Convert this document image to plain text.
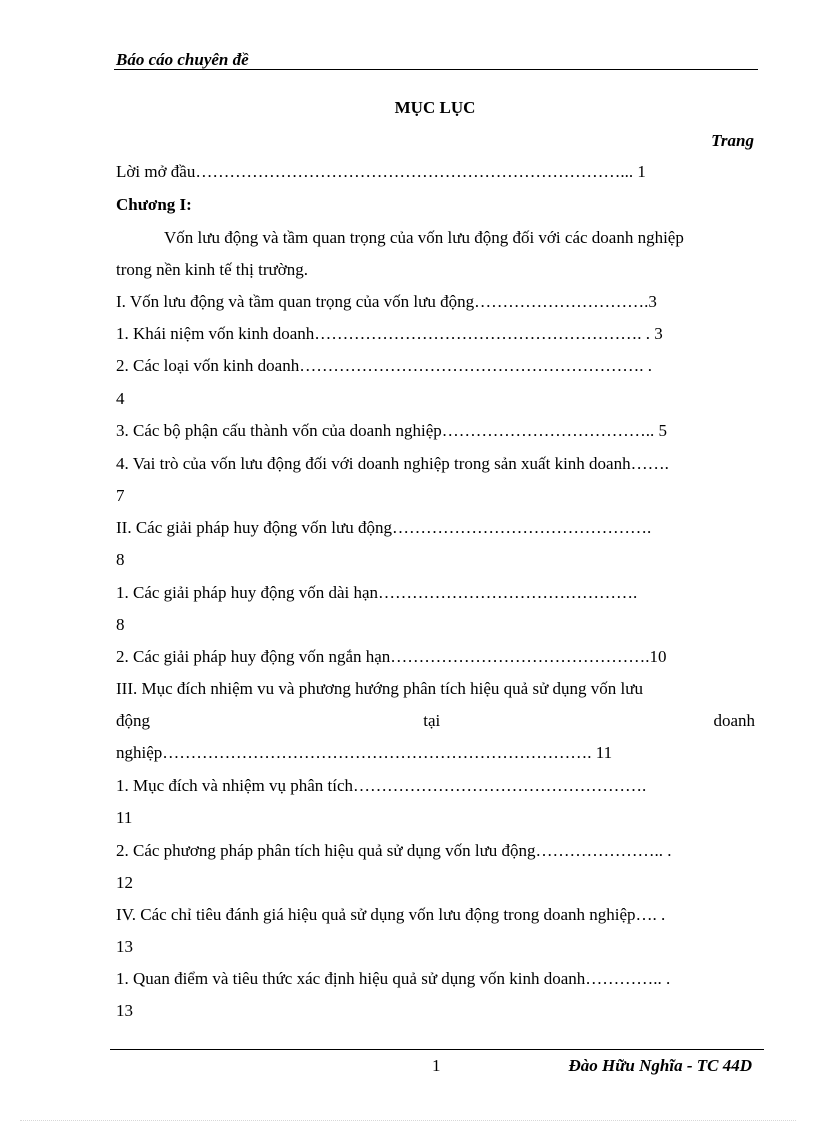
Báo cáo chuyên đề
MỤC LỤC
Trang
Lời mở đầu…………………………………………………………………... 1
Chương I:
Vốn lưu động và tầm quan trọng của vốn lưu động đối với các doanh nghiệp
trong nền kinh tế thị trường.
I. Vốn lưu động và tầm quan trọng của vốn lưu động………………………….3
1. Khái niệm vốn kinh doanh…………………………………………………. . 3
2. Các loại vốn kinh doanh……………………………………………………. .
4
3. Các bộ phận cấu thành vốn của doanh nghiệp……………………………….. 5
4. Vai trò của vốn lưu động đối với doanh nghiệp trong sản xuất kinh doanh…….
7
II. Các giải pháp huy động vốn lưu động……………………………………….
8
1. Các giải pháp huy động vốn dài hạn……………………………………….
8
2. Các giải pháp huy động vốn ngắn hạn……………………………………….10
III. Mục đích nhiệm vu và phương hướng phân tích hiệu quả sử dụng vốn lưu
động	tại	doanh
nghiệp…………………………………………………………………. 11
1. Mục đích và nhiệm vụ phân tích…………………………………………….
11
2. Các phương pháp phân tích hiệu quả sử dụng vốn lưu động………………….. .
12
IV. Các chỉ tiêu đánh giá hiệu quả sử dụng vốn lưu động trong doanh nghiệp…. .
13
1. Quan điểm và tiêu thức xác định hiệu quả sử dụng vốn kinh doanh………….. .
13
1	Đào Hữu Nghĩa - TC 44D
